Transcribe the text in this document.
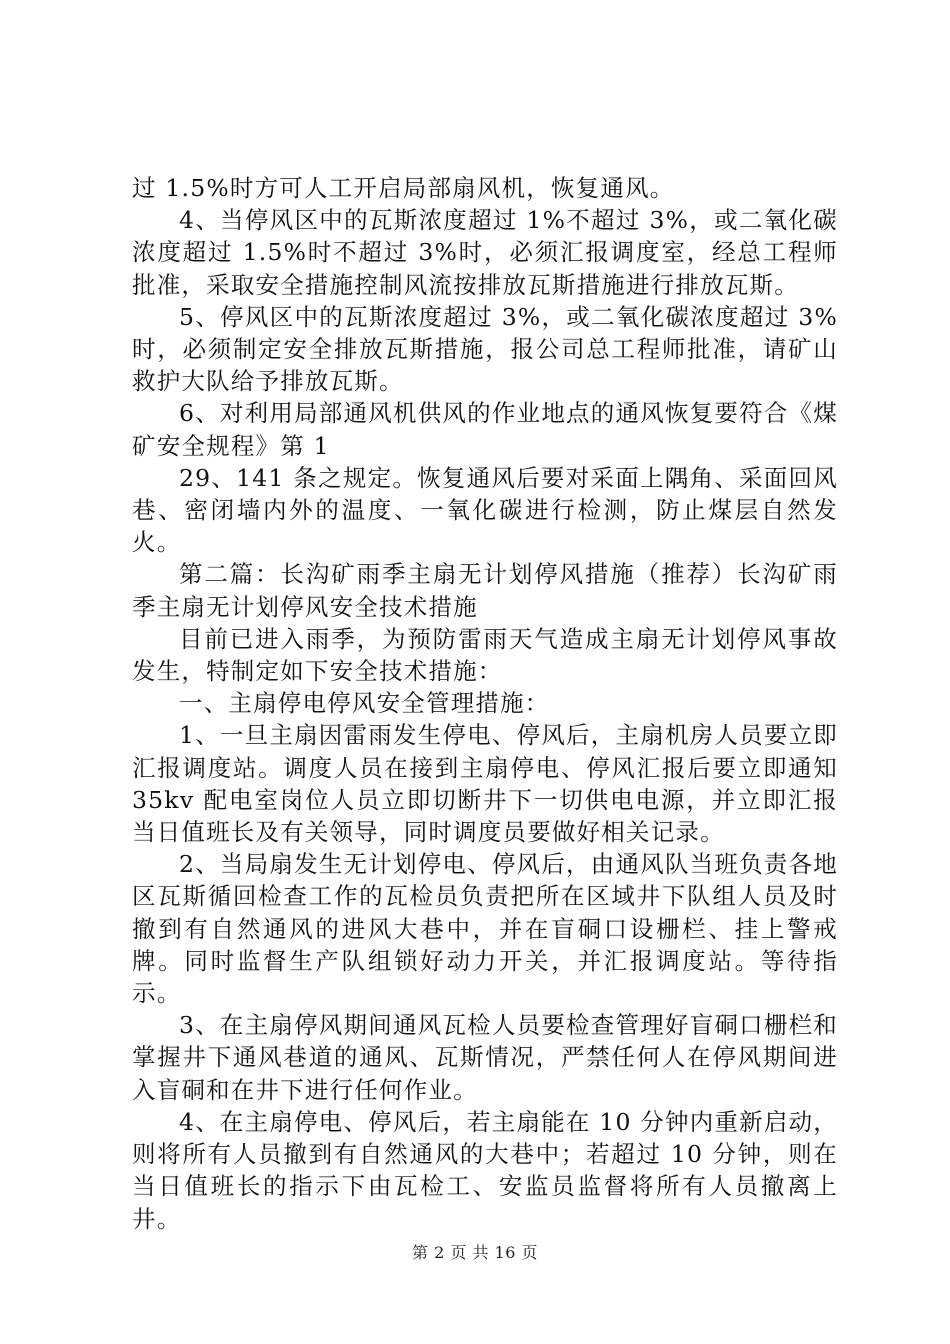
过 1.5%时方可人工开启局部扇风机，恢复通风。

4、当停风区中的瓦斯浓度超过 1%不超过 3%，或二氧化碳浓度超过 1.5%时不超过 3%时，必须汇报调度室，经总工程师批准，采取安全措施控制风流按排放瓦斯措施进行排放瓦斯。

5、停风区中的瓦斯浓度超过 3%，或二氧化碳浓度超过 3%时，必须制定安全排放瓦斯措施，报公司总工程师批准，请矿山救护大队给予排放瓦斯。

6、对利用局部通风机供风的作业地点的通风恢复要符合《煤矿安全规程》第 1

29、141 条之规定。恢复通风后要对采面上隅角、采面回风巷、密闭墙内外的温度、一氧化碳进行检测，防止煤层自然发火。

第二篇：长沟矿雨季主扇无计划停风措施（推荐）长沟矿雨季主扇无计划停风安全技术措施

目前已进入雨季，为预防雷雨天气造成主扇无计划停风事故发生，特制定如下安全技术措施：

一、主扇停电停风安全管理措施：

1、一旦主扇因雷雨发生停电、停风后，主扇机房人员要立即汇报调度站。调度人员在接到主扇停电、停风汇报后要立即通知 35kv 配电室岗位人员立即切断井下一切供电电源，并立即汇报当日值班长及有关领导，同时调度员要做好相关记录。

2、当局扇发生无计划停电、停风后，由通风队当班负责各地区瓦斯循回检查工作的瓦检员负责把所在区域井下队组人员及时撤到有自然通风的进风大巷中，并在盲硐口设栅栏、挂上警戒牌。同时监督生产队组锁好动力开关，并汇报调度站。等待指示。

3、在主扇停风期间通风瓦检人员要检查管理好盲硐口栅栏和掌握井下通风巷道的通风、瓦斯情况，严禁任何人在停风期间进入盲硐和在井下进行任何作业。

4、在主扇停电、停风后，若主扇能在 10 分钟内重新启动，则将所有人员撤到有自然通风的大巷中；若超过 10 分钟，则在当日值班长的指示下由瓦检工、安监员监督将所有人员撤离上井。

第 2 页 共 16 页
